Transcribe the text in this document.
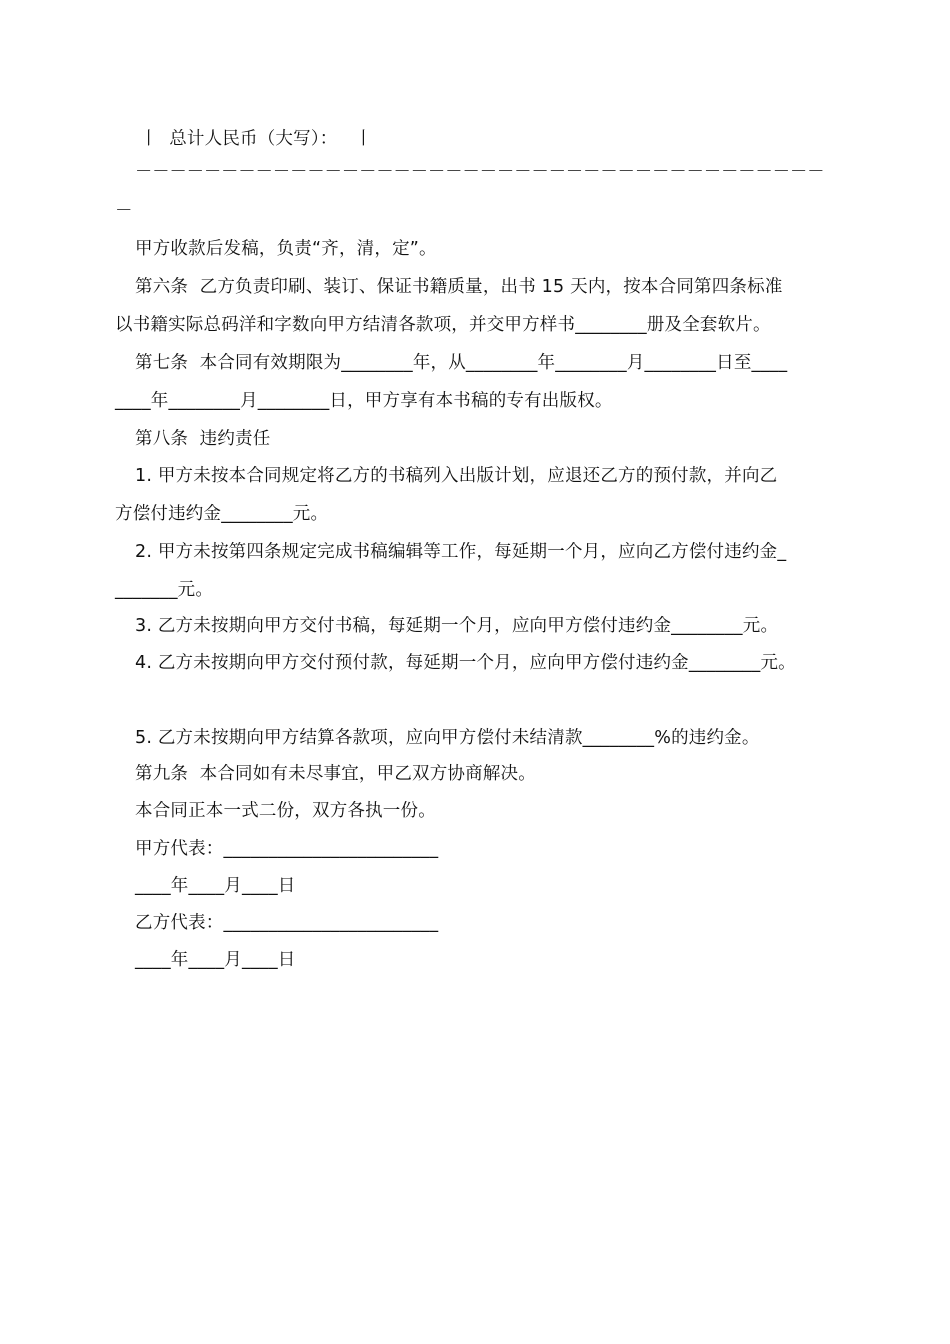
丨  总计人民币（大写）：   丨
－－－－－－－－－－－－－－－－－－－－－－－－－－－－－－－－－－－－－－－－
－
甲方收款后发稿，负责“齐，清，定”。
第六条  乙方负责印刷、装订、保证书籍质量，出书 15 天内，按本合同第四条标准
以书籍实际总码洋和字数向甲方结清各款项，并交甲方样书________册及全套软片。
第七条  本合同有效期限为________年，从________年________月________日至____
____年________月________日，甲方享有本书稿的专有出版权。
第八条  违约责任
1. 甲方未按本合同规定将乙方的书稿列入出版计划，应退还乙方的预付款，并向乙
方偿付违约金________元。
2. 甲方未按第四条规定完成书稿编辑等工作，每延期一个月，应向乙方偿付违约金_
_______元。
3. 乙方未按期向甲方交付书稿，每延期一个月，应向甲方偿付违约金________元。
4. 乙方未按期向甲方交付预付款，每延期一个月，应向甲方偿付违约金________元。
5. 乙方未按期向甲方结算各款项，应向甲方偿付未结清款________%的违约金。
第九条  本合同如有未尽事宜，甲乙双方协商解决。
本合同正本一式二份，双方各执一份。
甲方代表：________________________
____年____月____日
乙方代表：________________________
____年____月____日
